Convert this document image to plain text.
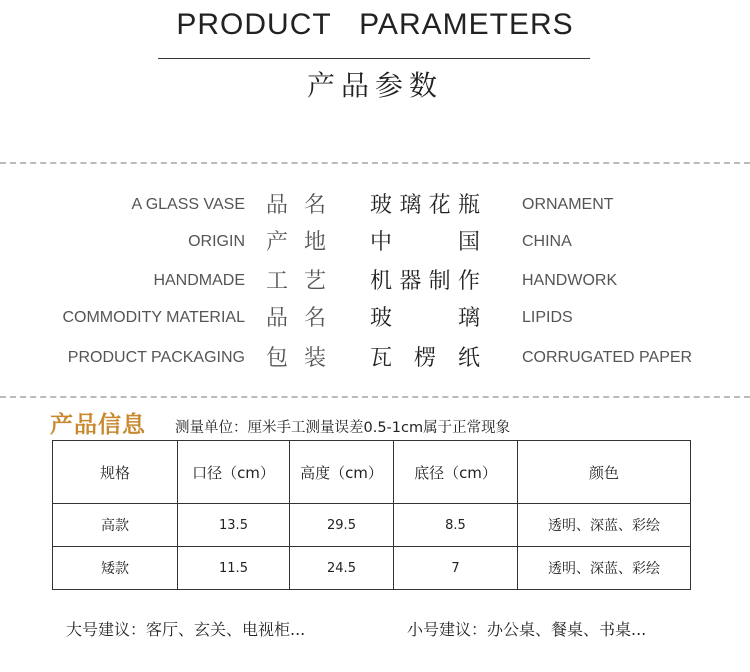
PRODUCT   PARAMETERS
产品参数
A GLASS VASE 品 名 玻 璃 花 瓶	ORNAMENT
ORIGIN 产 地 中	国	CHINA
HANDMADE 工 艺 机 器 制 作	HANDWORK
COMMODITY MATERIAL 品 名 玻	璃	LIPIDS
PRODUCT PACKAGING 包 装 瓦 楞 纸	CORRUGATED PAPER
产品信息 测量单位：厘米手工测量误差0.5-1cm属于正常现象
规格	口径（cm）	高度（cm）	底径（cm）	颜色
高款	13.5	29.5	8.5	透明、深蓝、彩绘
矮款	11.5	24.5	7	透明、深蓝、彩绘
大号建议：客厅、玄关、电视柜...	小号建议：办公桌、餐桌、书桌...
